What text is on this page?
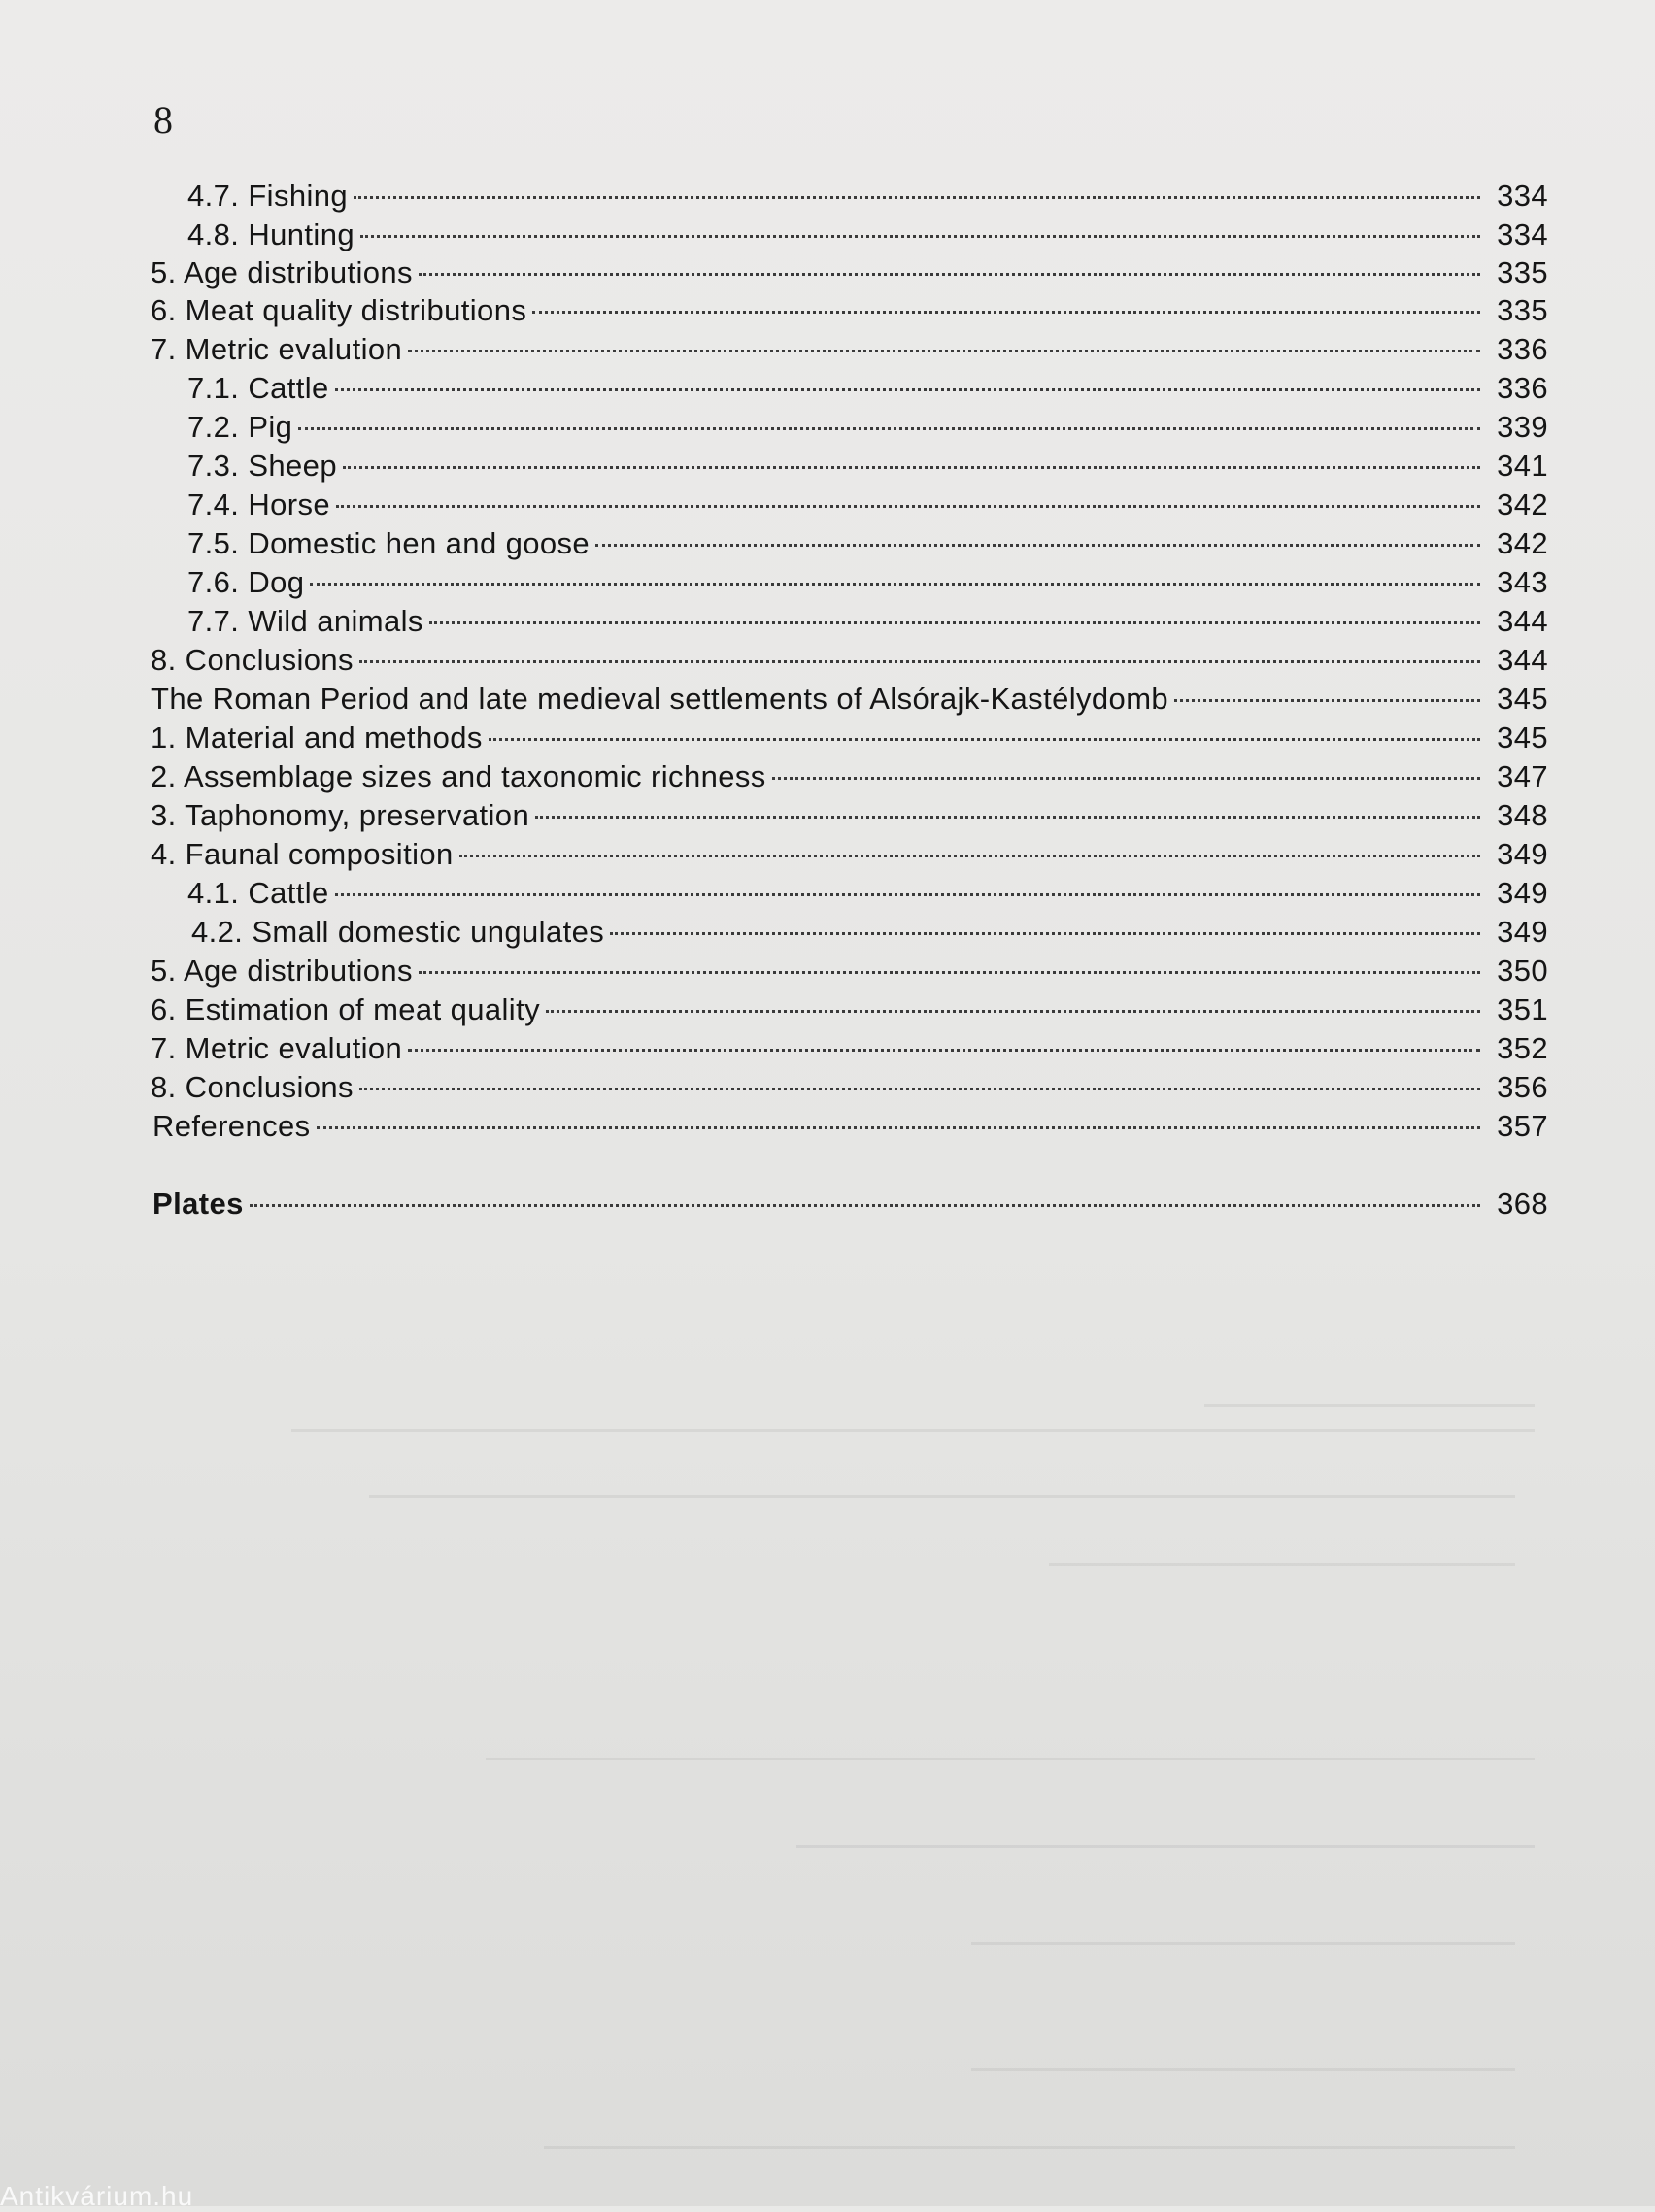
8
4.7. Fishing	334
4.8. Hunting	334
5. Age distributions	335
6. Meat quality distributions	335
7. Metric evalution	336
7.1. Cattle	336
7.2. Pig	339
7.3. Sheep	341
7.4. Horse	342
7.5. Domestic hen and goose	342
7.6. Dog	343
7.7. Wild animals	344
8. Conclusions	344
The Roman Period and late medieval settlements of Alsórajk-Kastélydomb	345
1. Material and methods	345
2. Assemblage sizes and taxonomic richness	347
3. Taphonomy, preservation	348
4. Faunal composition	349
4.1. Cattle	349
4.2. Small domestic ungulates	349
5. Age distributions	350
6. Estimation of meat quality	351
7. Metric evalution	352
8. Conclusions	356
References	357
Plates	368
Antikvárium.hu
